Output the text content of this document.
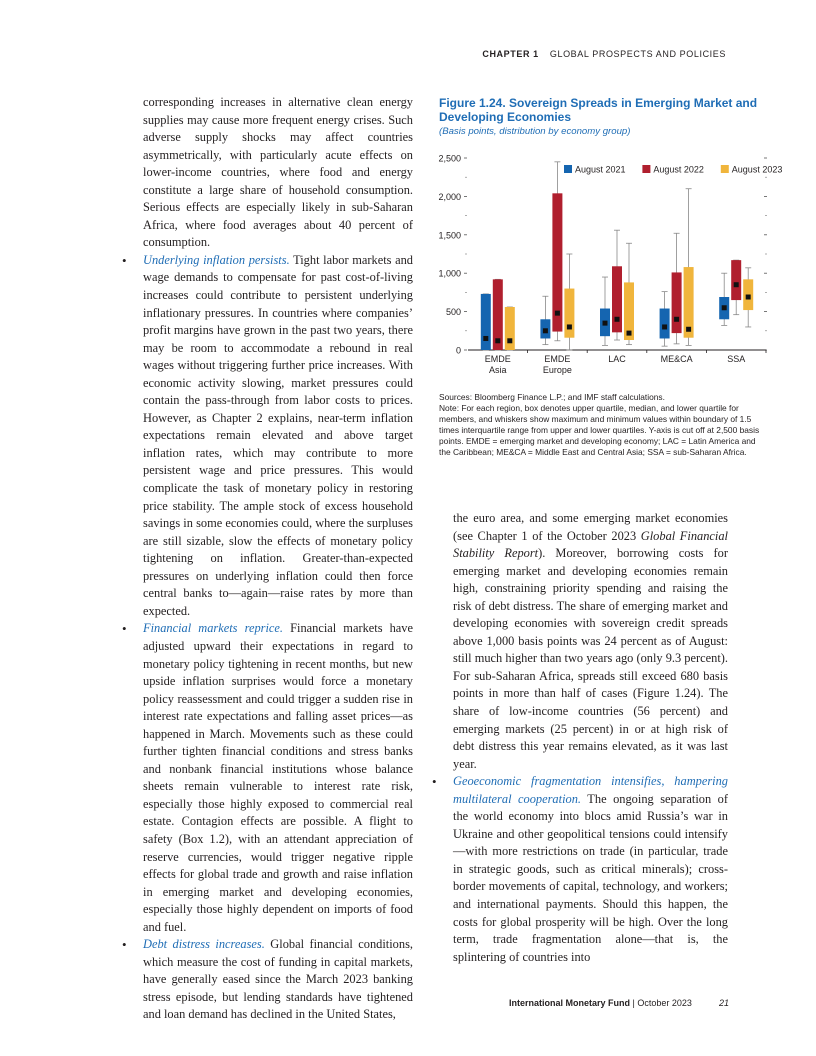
CHAPTER 1 GLOBAL PROSPECTS AND POLICIES

corresponding increases in alternative clean energy supplies may cause more frequent energy crises. Such adverse supply shocks may affect countries asymmetrically, with particularly acute effects on lower-income countries, where food and energy constitute a large share of household consumption. Serious effects are especially likely in sub-Saharan Africa, where food averages about 40 percent of consumption.

• Underlying inflation persists. Tight labor markets and wage demands to compensate for past cost-of-living increases could contribute to persistent underlying inflationary pressures. In countries where companies’ profit margins have grown in the past two years, there may be room to accommodate a rebound in real wages without triggering further price increases. With economic activity slowing, market pressures could contain the pass-through from labor costs to prices. However, as Chapter 2 explains, near-term inflation expectations remain elevated and above target inflation rates, which may contribute to more persistent wage and price pressures. This would complicate the task of monetary policy in restoring price stability. The ample stock of excess household savings in some economies could, where the surpluses are still sizable, slow the effects of monetary policy tightening on inflation. Greater-than-expected pressures on underlying inflation could then force central banks to—again—raise rates by more than expected.

• Financial markets reprice. Financial markets have adjusted upward their expectations in regard to monetary policy tightening in recent months, but new upside inflation surprises would force a monetary policy reassessment and could trigger a sudden rise in interest rate expectations and falling asset prices—as happened in March. Movements such as these could further tighten financial conditions and stress banks and nonbank financial institutions whose balance sheets remain vulnerable to interest rate risk, especially those highly exposed to commercial real estate. Contagion effects are possible. A flight to safety (Box 1.2), with an attendant appreciation of reserve currencies, would trigger negative ripple effects for global trade and growth and raise inflation in emerging market and developing economies, especially those highly dependent on imports of food and fuel.

• Debt distress increases. Global financial conditions, which measure the cost of funding in capital markets, have generally eased since the March 2023 banking stress episode, but lending standards have tightened and loan demand has declined in the United States,

Figure 1.24. Sovereign Spreads in Emerging Market and Developing Economies
(Basis points, distribution by economy group)
0
500
1,000
1,500
2,000
2,500
EMDE
Asia
EMDE
Europe
LAC	ME&CA	SSA
August 2021	August 2022	August 2023

Sources: Bloomberg Finance L.P.; and IMF staff calculations.

Note: For each region, box denotes upper quartile, median, and lower quartile for members, and whiskers show maximum and minimum values within boundary of 1.5 times interquartile range from upper and lower quartiles. Y-axis is cut off at 2,500 basis points. EMDE = emerging market and developing economy; LAC = Latin America and the Caribbean; ME&CA = Middle East and Central Asia; SSA = sub-Saharan Africa.

the euro area, and some emerging market economies (see Chapter 1 of the October 2023 Global Financial Stability Report). Moreover, borrowing costs for emerging market and developing economies remain high, constraining priority spending and raising the risk of debt distress. The share of emerging market and developing economies with sovereign credit spreads above 1,000 basis points was 24 percent as of August: still much higher than two years ago (only 9.3 percent). For sub-Saharan Africa, spreads still exceed 680 basis points in more than half of cases (Figure 1.24). The share of low-income countries (56 percent) and emerging markets (25 percent) in or at high risk of debt distress this year remains elevated, as it was last year.

• Geoeconomic fragmentation intensifies, hampering multilateral cooperation. The ongoing separation of the world economy into blocs amid Russia’s war in Ukraine and other geopolitical tensions could intensify—with more restrictions on trade (in particular, trade in strategic goods, such as critical minerals); cross-border movements of capital, technology, and workers; and international payments. Should this happen, the costs for global prosperity will be high. Over the long term, trade fragmentation alone—that is, the splintering of countries into

International Monetary Fund | October 2023	21
